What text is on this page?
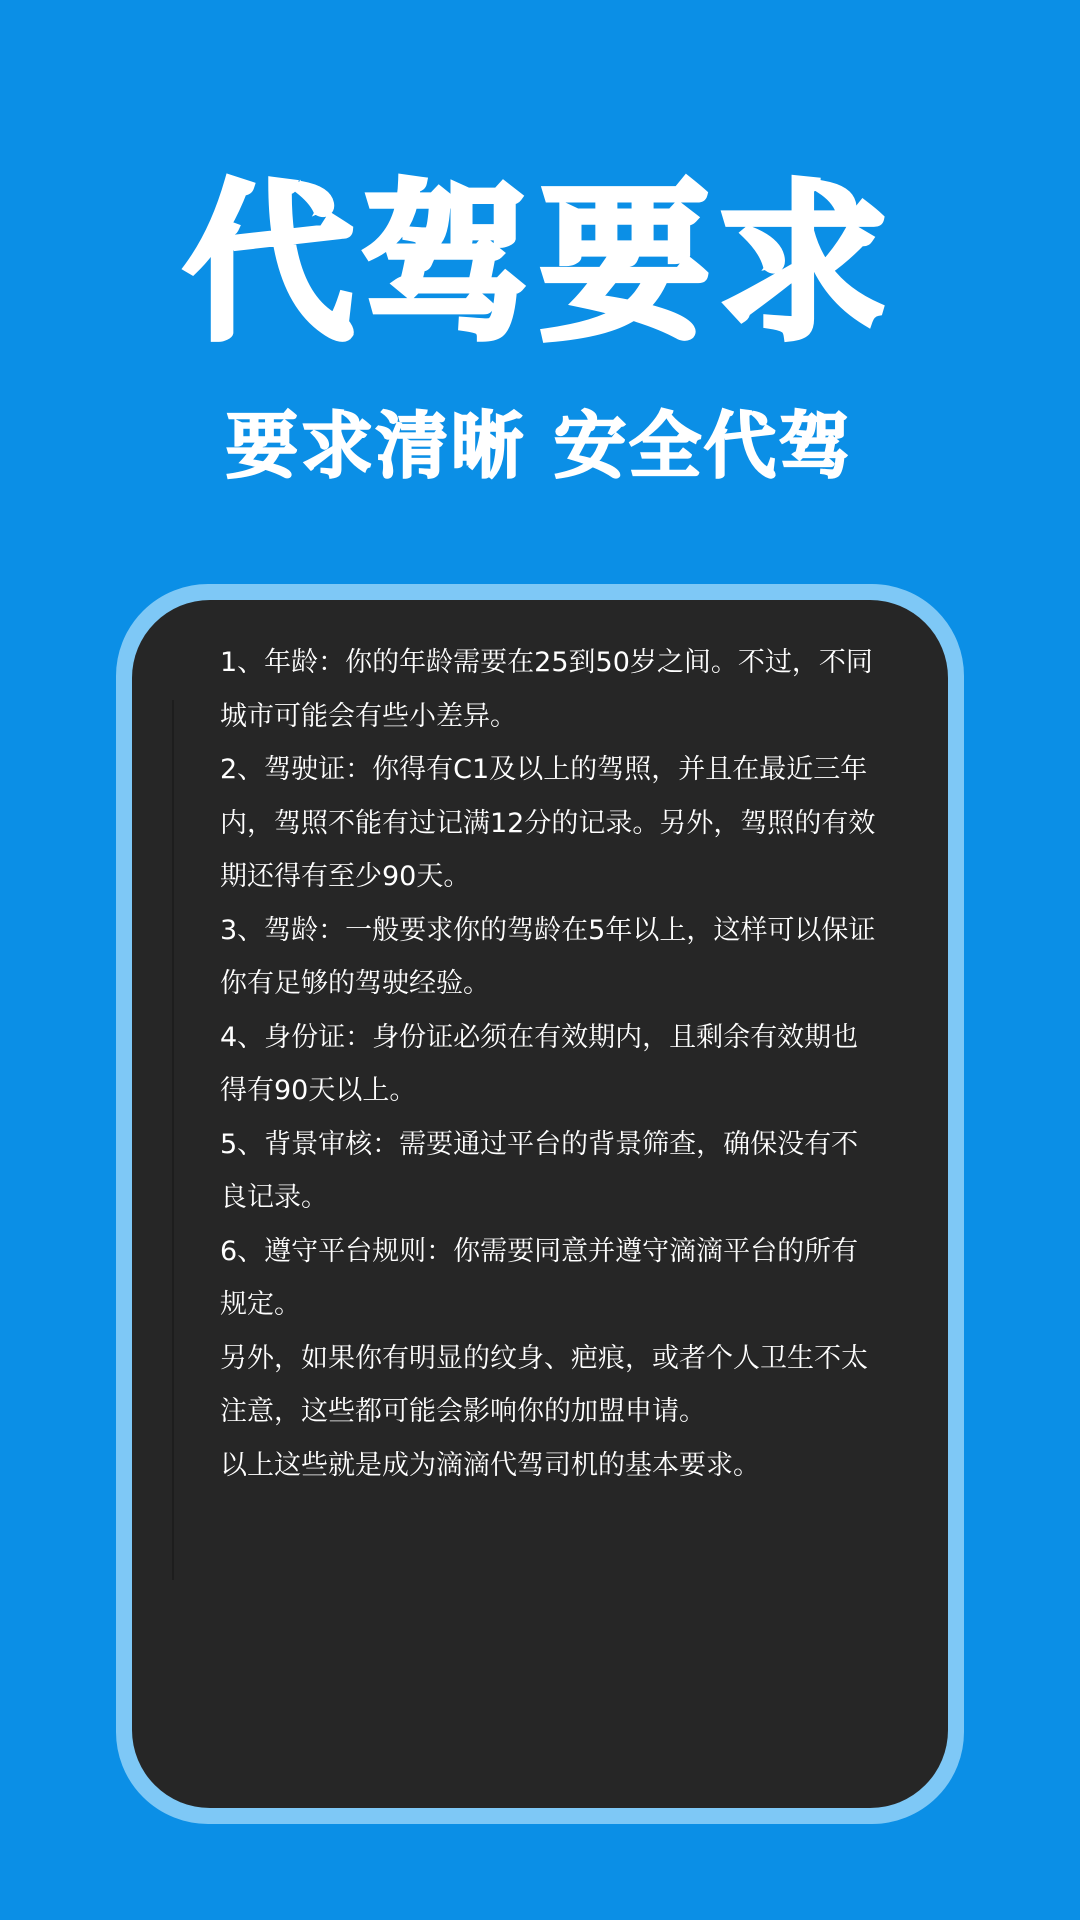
代驾要求
要求清晰 安全代驾

1、年龄：你的年龄需要在25到50岁之间。不过，不同城市可能会有些小差异。

2、驾驶证：你得有C1及以上的驾照，并且在最近三年内，驾照不能有过记满12分的记录。另外，驾照的有效期还得有至少90天。

3、驾龄：一般要求你的驾龄在5年以上，这样可以保证你有足够的驾驶经验。

4、身份证：身份证必须在有效期内，且剩余有效期也得有90天以上。

5、背景审核：需要通过平台的背景筛查，确保没有不良记录。

6、遵守平台规则：你需要同意并遵守滴滴平台的所有规定。

另外，如果你有明显的纹身、疤痕，或者个人卫生不太注意，这些都可能会影响你的加盟申请。

以上这些就是成为滴滴代驾司机的基本要求。
